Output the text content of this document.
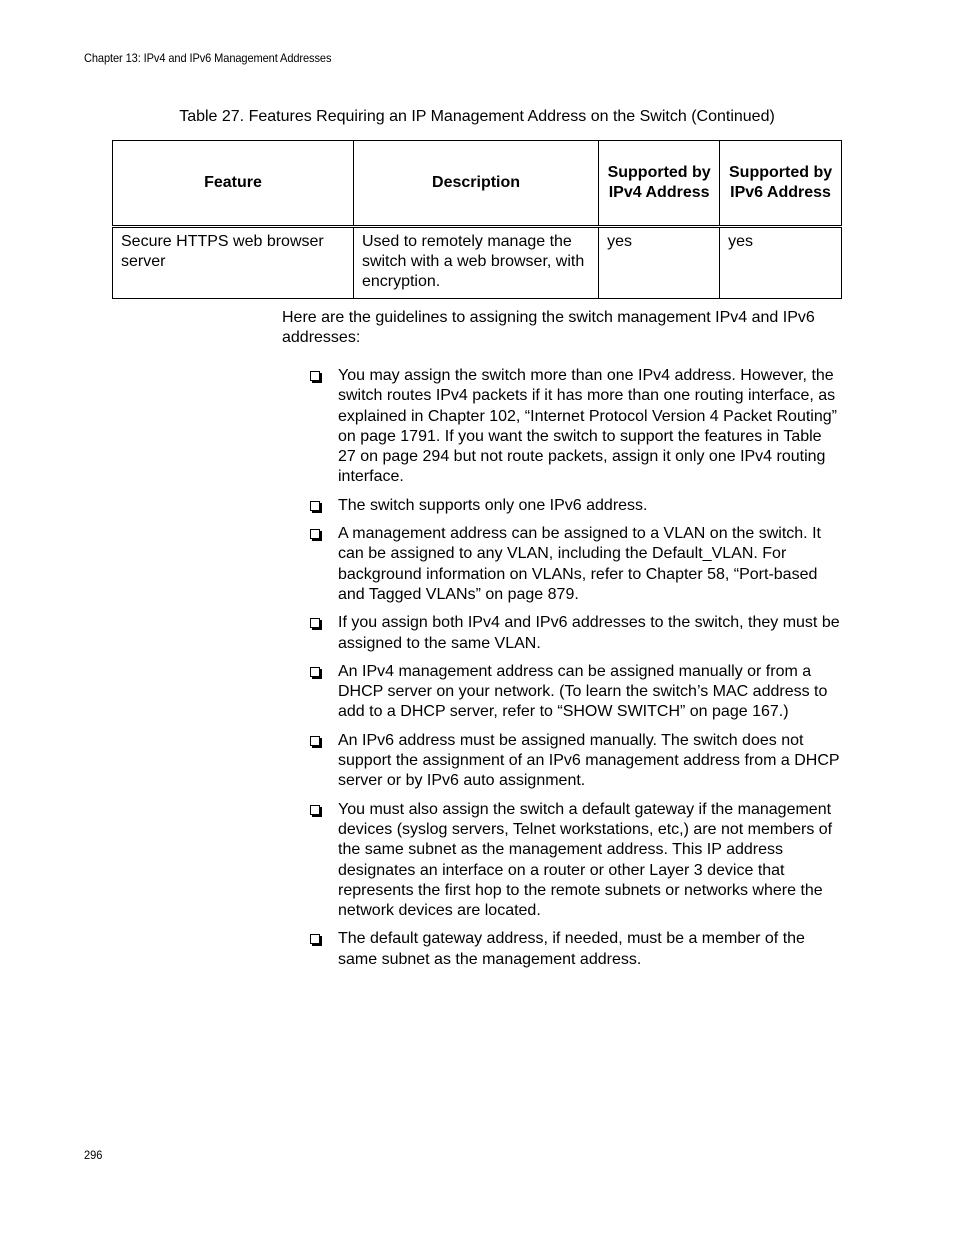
Chapter 13: IPv4 and IPv6 Management Addresses
Table 27. Features Requiring an IP Management Address on the Switch (Continued)
Feature	Description	Supported by IPv4 Address	Supported by IPv6 Address
Secure HTTPS web browser server	Used to remotely manage the switch with a web browser, with encryption.	yes	yes

Here are the guidelines to assigning the switch management IPv4 and IPv6 addresses:

You may assign the switch more than one IPv4 address. However, the switch routes IPv4 packets if it has more than one routing interface, as explained in Chapter 102, “Internet Protocol Version 4 Packet Routing” on page 1791. If you want the switch to support the features in Table 27 on page 294 but not route packets, assign it only one IPv4 routing interface.
The switch supports only one IPv6 address.
A management address can be assigned to a VLAN on the switch. It can be assigned to any VLAN, including the Default_VLAN. For background information on VLANs, refer to Chapter 58, “Port-based and Tagged VLANs” on page 879.
If you assign both IPv4 and IPv6 addresses to the switch, they must be assigned to the same VLAN.
An IPv4 management address can be assigned manually or from a DHCP server on your network. (To learn the switch’s MAC address to add to a DHCP server, refer to “SHOW SWITCH” on page 167.)
An IPv6 address must be assigned manually. The switch does not support the assignment of an IPv6 management address from a DHCP server or by IPv6 auto assignment.
You must also assign the switch a default gateway if the management devices (syslog servers, Telnet workstations, etc,) are not members of the same subnet as the management address. This IP address designates an interface on a router or other Layer 3 device that represents the first hop to the remote subnets or networks where the network devices are located.
The default gateway address, if needed, must be a member of the same subnet as the management address.
296
